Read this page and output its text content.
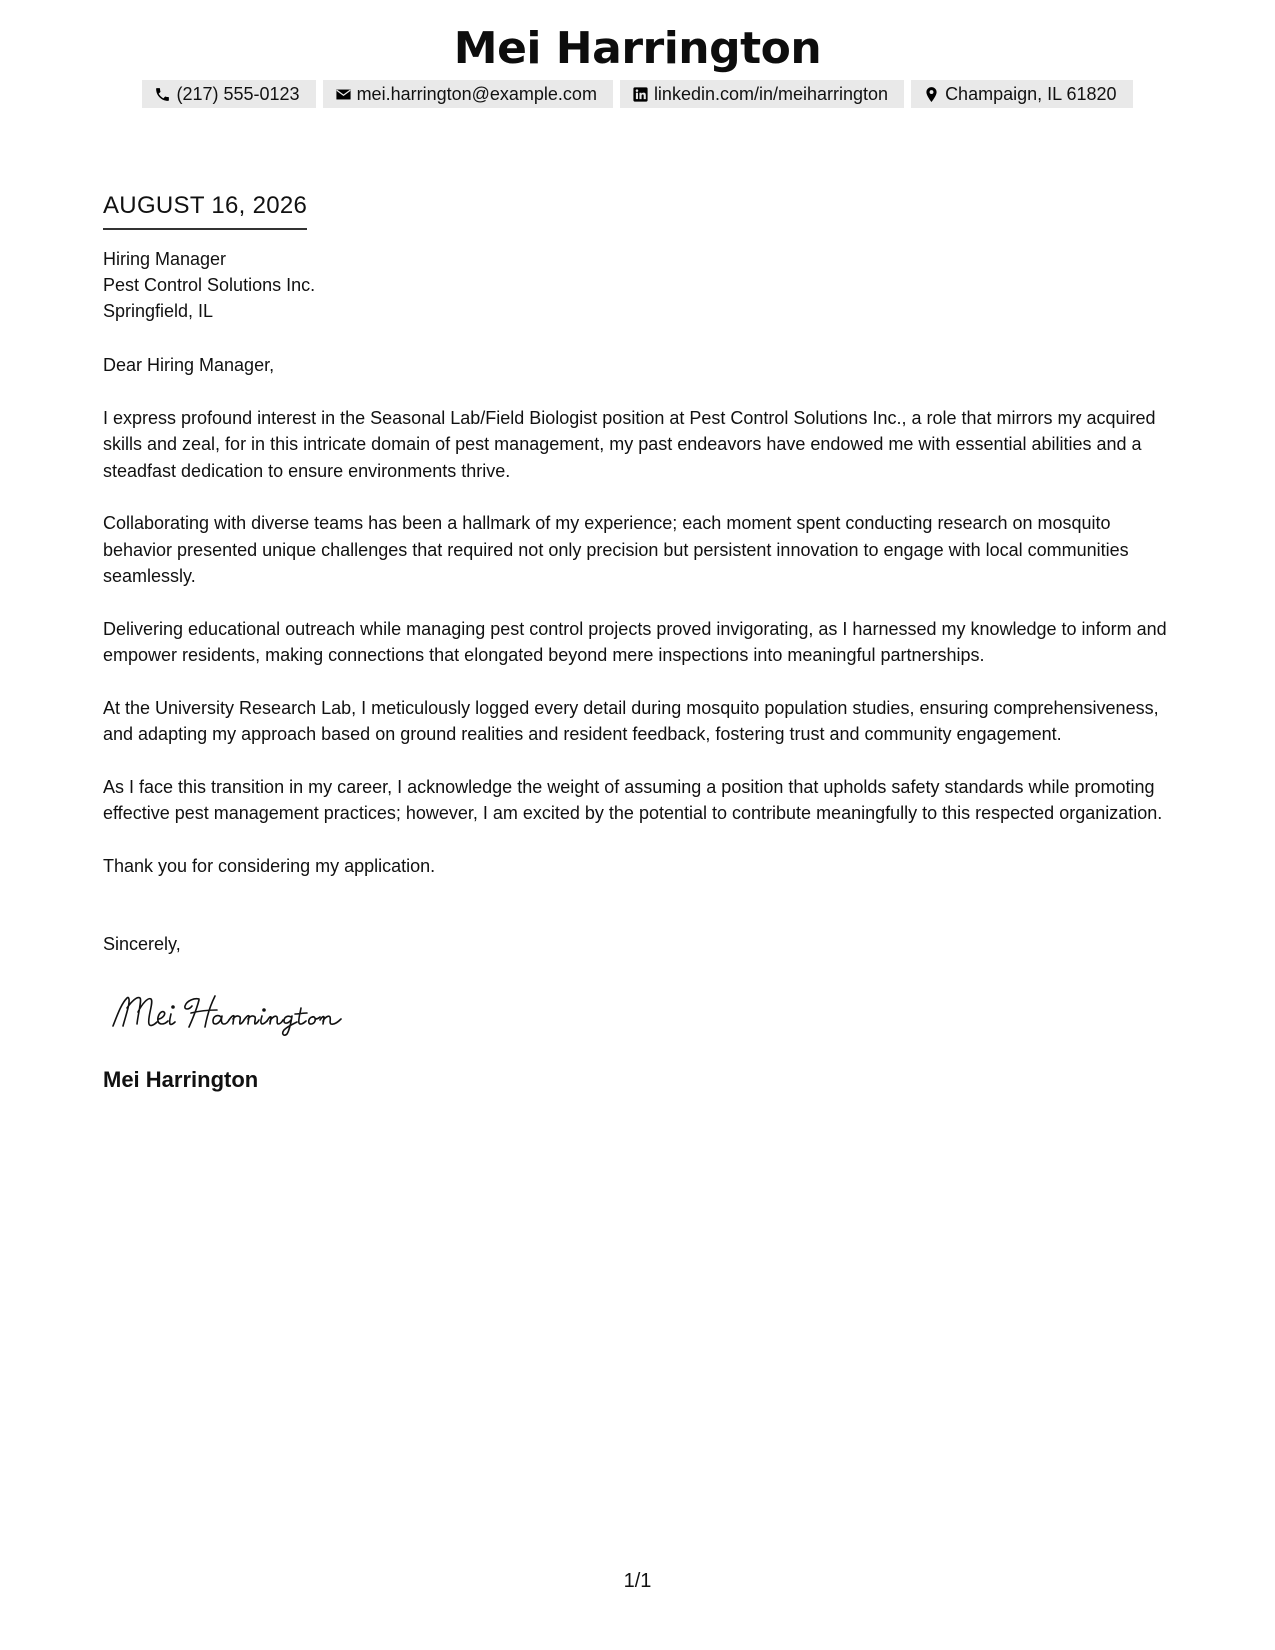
Mei Harrington
(217) 555-0123	mei.harrington@example.com	linkedin.com/in/meiharrington	Champaign, IL 61820
AUGUST 16, 2026
Hiring Manager
Pest Control Solutions Inc.
Springfield, IL
Dear Hiring Manager,
I express profound interest in the Seasonal Lab/Field Biologist position at Pest Control Solutions Inc., a role that mirrors my acquired skills and zeal, for in this intricate domain of pest management, my past endeavors have endowed me with essential abilities and a steadfast dedication to ensure environments thrive.
Collaborating with diverse teams has been a hallmark of my experience; each moment spent conducting research on mosquito behavior presented unique challenges that required not only precision but persistent innovation to engage with local communities seamlessly.
Delivering educational outreach while managing pest control projects proved invigorating, as I harnessed my knowledge to inform and empower residents, making connections that elongated beyond mere inspections into meaningful partnerships.
At the University Research Lab, I meticulously logged every detail during mosquito population studies, ensuring comprehensiveness, and adapting my approach based on ground realities and resident feedback, fostering trust and community engagement.
As I face this transition in my career, I acknowledge the weight of assuming a position that upholds safety standards while promoting effective pest management practices; however, I am excited by the potential to contribute meaningfully to this respected organization.
Thank you for considering my application.
Sincerely,
Mei Harrington
1/1
